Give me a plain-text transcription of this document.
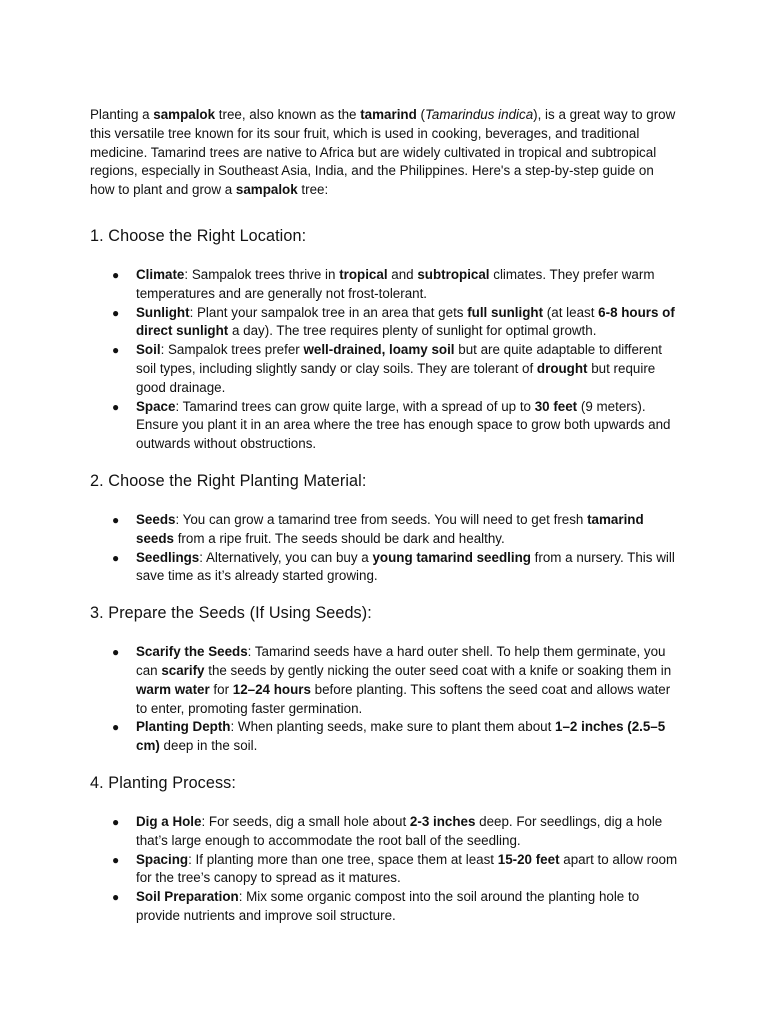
Planting a sampalok tree, also known as the tamarind (Tamarindus indica), is a great way to grow this versatile tree known for its sour fruit, which is used in cooking, beverages, and traditional medicine. Tamarind trees are native to Africa but are widely cultivated in tropical and subtropical regions, especially in Southeast Asia, India, and the Philippines. Here's a step-by-step guide on how to plant and grow a sampalok tree:

1. Choose the Right Location:
● Climate: Sampalok trees thrive in tropical and subtropical climates. They prefer warm temperatures and are generally not frost-tolerant.
● Sunlight: Plant your sampalok tree in an area that gets full sunlight (at least 6-8 hours of direct sunlight a day). The tree requires plenty of sunlight for optimal growth.
● Soil: Sampalok trees prefer well-drained, loamy soil but are quite adaptable to different soil types, including slightly sandy or clay soils. They are tolerant of drought but require good drainage.
● Space: Tamarind trees can grow quite large, with a spread of up to 30 feet (9 meters). Ensure you plant it in an area where the tree has enough space to grow both upwards and outwards without obstructions.
2. Choose the Right Planting Material:
● Seeds: You can grow a tamarind tree from seeds. You will need to get fresh tamarind seeds from a ripe fruit. The seeds should be dark and healthy.
● Seedlings: Alternatively, you can buy a young tamarind seedling from a nursery. This will save time as it’s already started growing.
3. Prepare the Seeds (If Using Seeds):
● Scarify the Seeds: Tamarind seeds have a hard outer shell. To help them germinate, you can scarify the seeds by gently nicking the outer seed coat with a knife or soaking them in warm water for 12–24 hours before planting. This softens the seed coat and allows water to enter, promoting faster germination.
● Planting Depth: When planting seeds, make sure to plant them about 1–2 inches (2.5–5 cm) deep in the soil.
4. Planting Process:
● Dig a Hole: For seeds, dig a small hole about 2-3 inches deep. For seedlings, dig a hole that’s large enough to accommodate the root ball of the seedling.
● Spacing: If planting more than one tree, space them at least 15-20 feet apart to allow room for the tree’s canopy to spread as it matures.
● Soil Preparation: Mix some organic compost into the soil around the planting hole to provide nutrients and improve soil structure.
